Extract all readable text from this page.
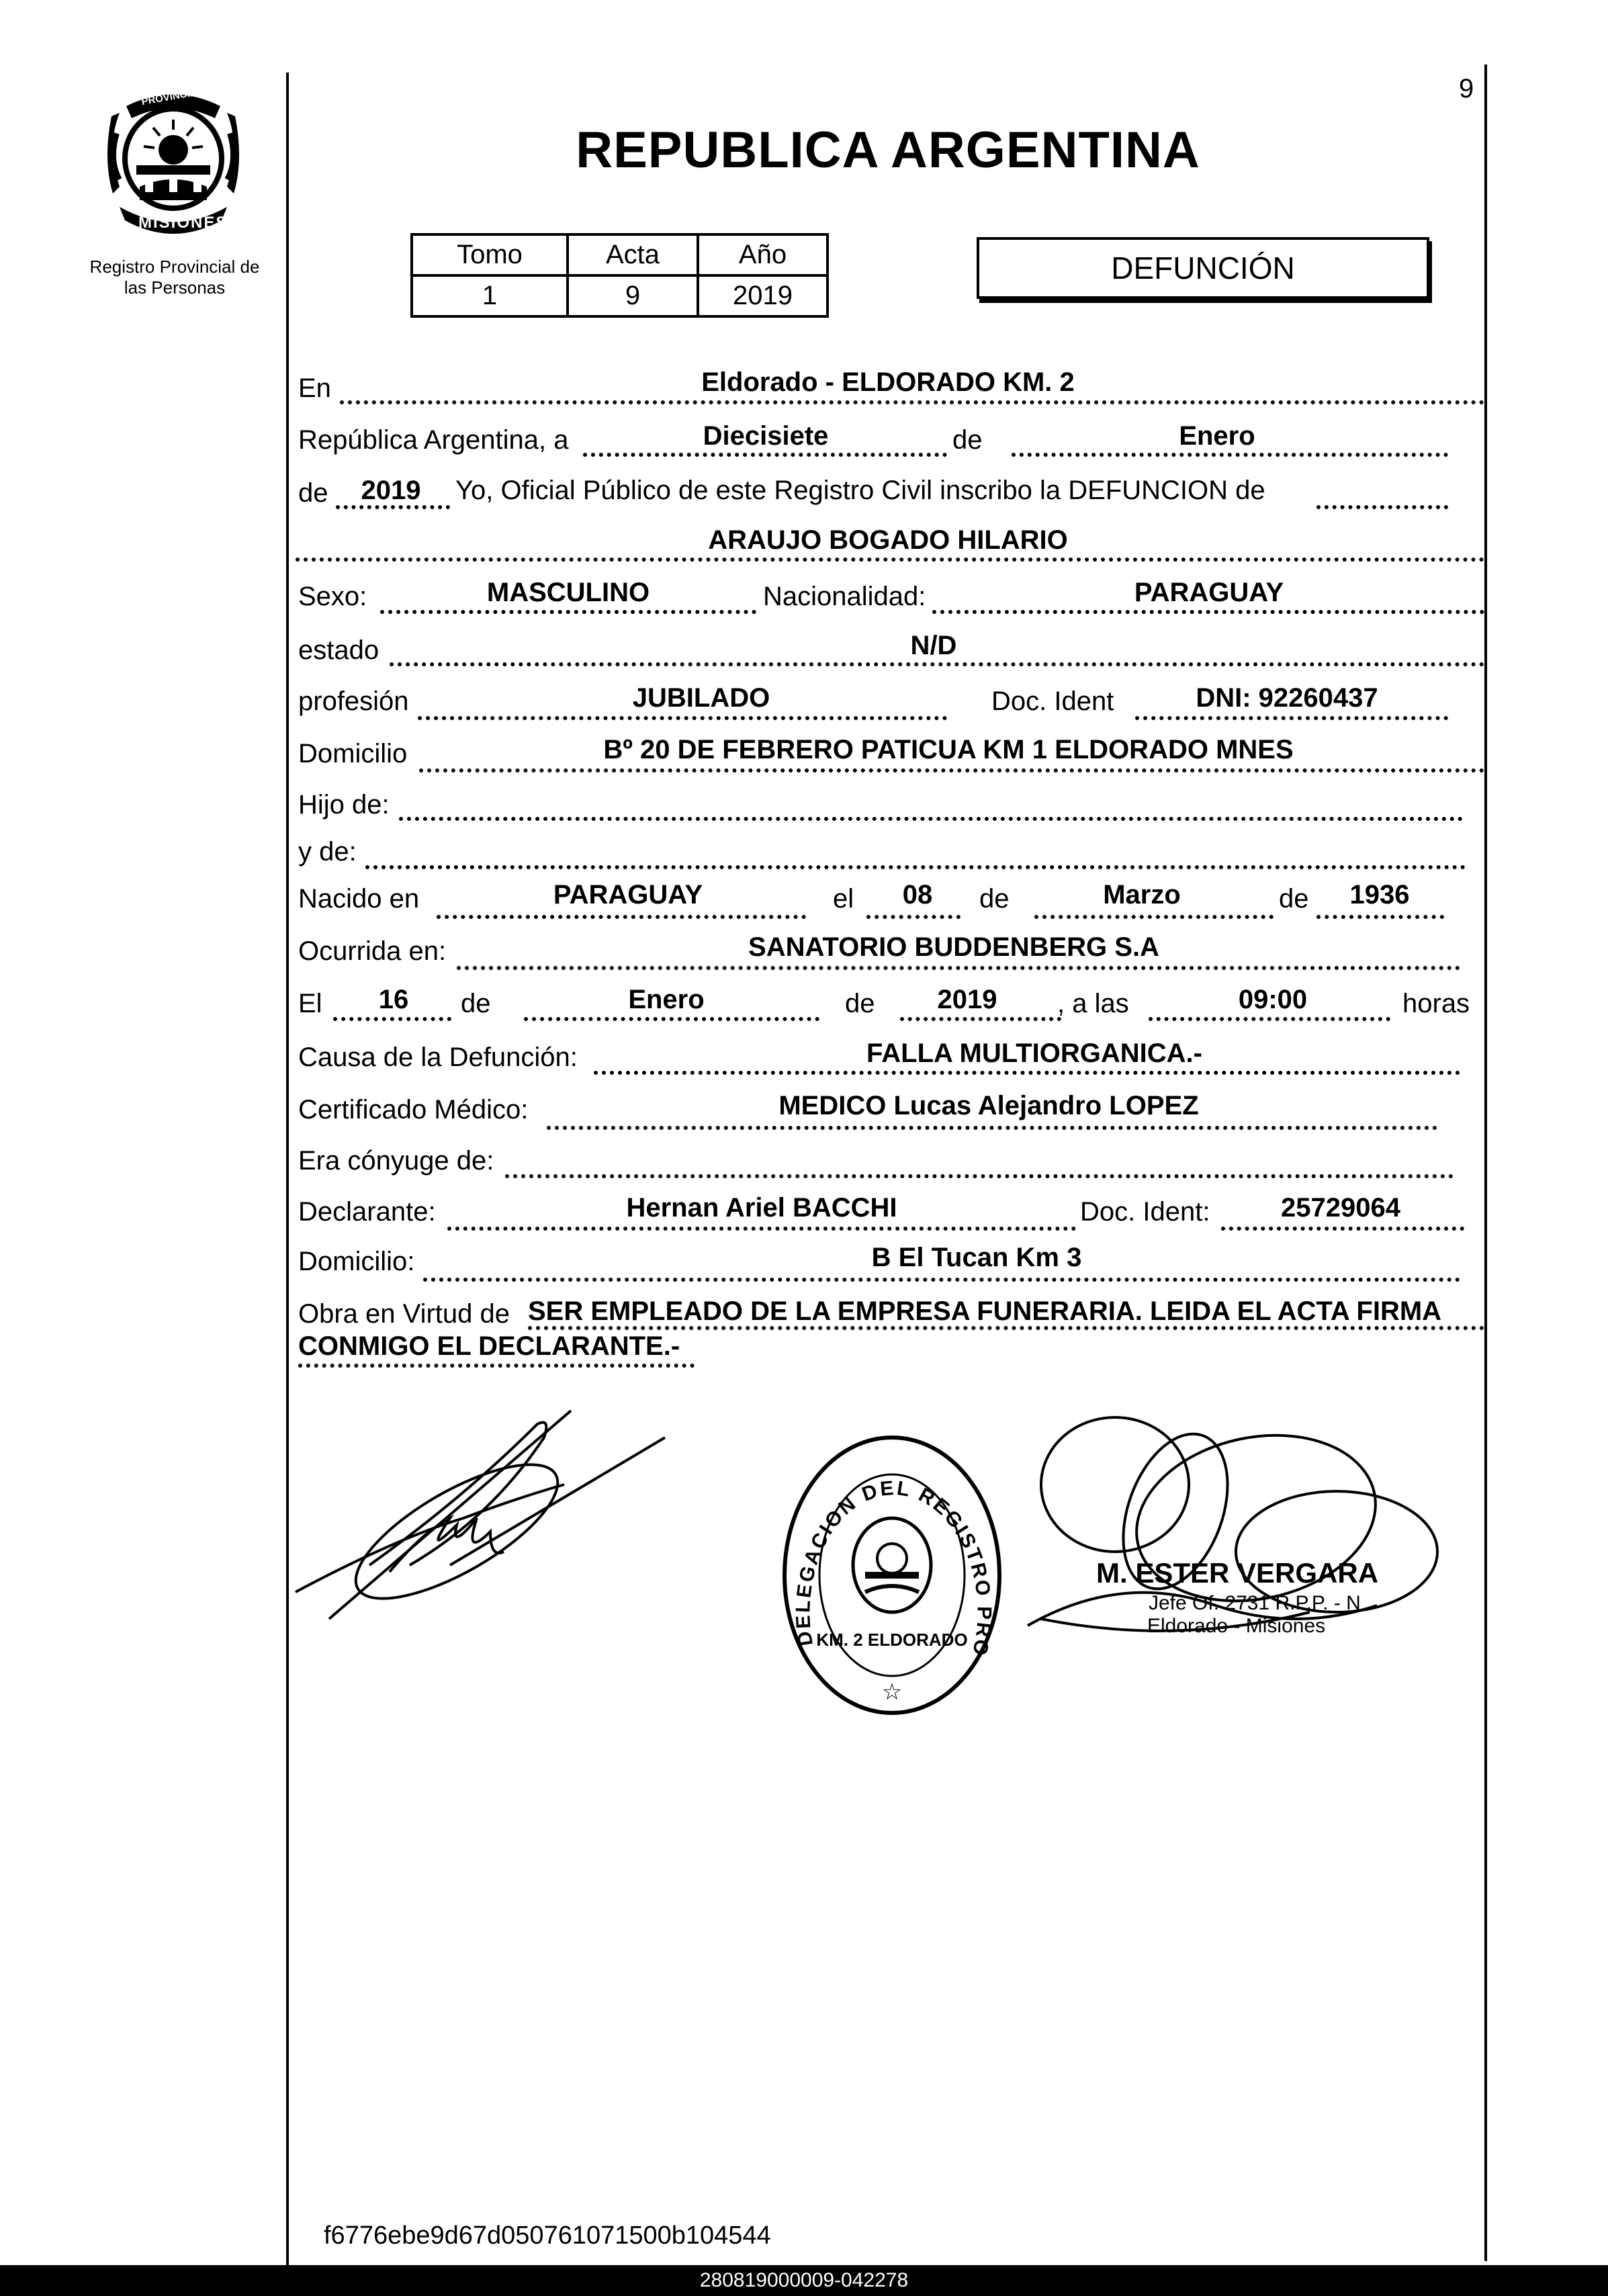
9
PROVINCIA DE
MISIONES
Registro Provincial de
las Personas
REPUBLICA ARGENTINA
Tomo	Acta	Año
1	9	2019
DEFUNCIÓN
En	Eldorado - ELDORADO KM. 2
República Argentina, a	Diecisiete	de	Enero
de 2019 Yo, Oficial Público de este Registro Civil inscribo la DEFUNCION de
ARAUJO BOGADO HILARIO
Sexo:	MASCULINO	Nacionalidad:	PARAGUAY
estado	N/D
profesión	JUBILADO	Doc. Ident	DNI: 92260437
Domicilio	Bº 20 DE FEBRERO PATICUA KM 1 ELDORADO MNES
Hijo de:
y de:
Nacido en	PARAGUAY	el 08 de	Marzo	de 1936
Ocurrida en:	SANATORIO BUDDENBERG S.A
El 16 de	Enero	de 2019 , a las	09:00	horas
Causa de la Defunción:	FALLA MULTIORGANICA.-
Certificado Médico:	MEDICO Lucas Alejandro LOPEZ
Era cónyuge de:
Declarante:	Hernan Ariel BACCHI	Doc. Ident:	25729064
Domicilio:	B El Tucan Km 3
Obra en Virtud de SER EMPLEADO DE LA EMPRESA FUNERARIA. LEIDA EL ACTA FIRMA
CONMIGO EL DECLARANTE.-
DELEGACION DEL REGISTRO PRO
KM. 2 ELDORADO
☆
M. ESTER VERGARA
Jefe Of. 2731 R.P.P. - N
Eldorado - Misiones
f6776ebe9d67d050761071500b104544
280819000009-042278
